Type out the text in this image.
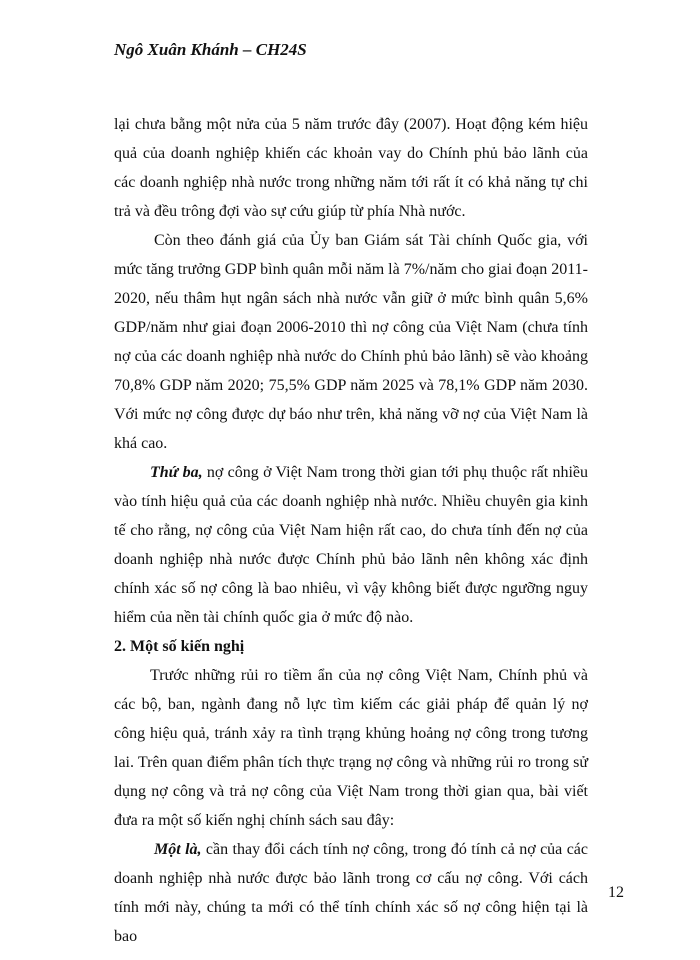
Ngô Xuân Khánh – CH24S

lại chưa bằng một nửa của 5 năm trước đây (2007). Hoạt động kém hiệu quả của doanh nghiệp khiến các khoản vay do Chính phủ bảo lãnh của các doanh nghiệp nhà nước trong những năm tới rất ít có khả năng tự chi trả và đều trông đợi vào sự cứu giúp từ phía Nhà nước.

Còn theo đánh giá của Ủy ban Giám sát Tài chính Quốc gia, với mức tăng trưởng GDP bình quân mỗi năm là 7%/năm cho giai đoạn 2011- 2020, nếu thâm hụt ngân sách nhà nước vẫn giữ ở mức bình quân 5,6% GDP/năm như giai đoạn 2006-2010 thì nợ công của Việt Nam (chưa tính nợ của các doanh nghiệp nhà nước do Chính phủ bảo lãnh) sẽ vào khoảng 70,8% GDP năm 2020; 75,5% GDP năm 2025 và 78,1% GDP năm 2030. Với mức nợ công được dự báo như trên, khả năng vỡ nợ của Việt Nam là khá cao.

Thứ ba, nợ công ở Việt Nam trong thời gian tới phụ thuộc rất nhiều vào tính hiệu quả của các doanh nghiệp nhà nước. Nhiều chuyên gia kinh tế cho rằng, nợ công của Việt Nam hiện rất cao, do chưa tính đến nợ của doanh nghiệp nhà nước được Chính phủ bảo lãnh nên không xác định chính xác số nợ công là bao nhiêu, vì vậy không biết được ngưỡng nguy hiểm của nền tài chính quốc gia ở mức độ nào.

2. Một số kiến nghị

Trước những rủi ro tiềm ẩn của nợ công Việt Nam, Chính phủ và các bộ, ban, ngành đang nỗ lực tìm kiếm các giải pháp để quản lý nợ công hiệu quả, tránh xảy ra tình trạng khủng hoảng nợ công trong tương lai. Trên quan điểm phân tích thực trạng nợ công và những rủi ro trong sử dụng nợ công và trả nợ công của Việt Nam trong thời gian qua, bài viết đưa ra một số kiến nghị chính sách sau đây:

Một là, cần thay đổi cách tính nợ công, trong đó tính cả nợ của các doanh nghiệp nhà nước được bảo lãnh trong cơ cấu nợ công. Với cách tính mới này, chúng ta mới có thể tính chính xác số nợ công hiện tại là bao

12
